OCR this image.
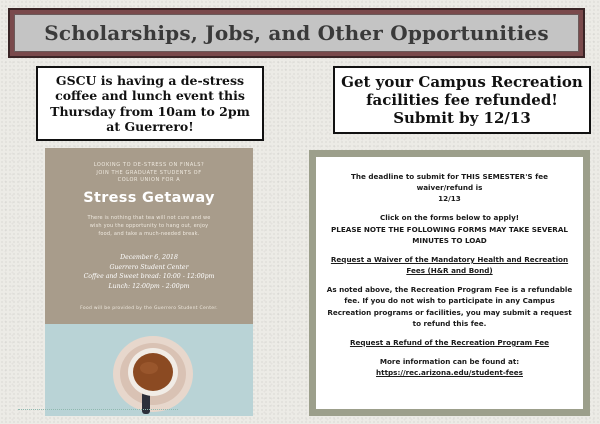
Scholarships, Jobs, and Other Opportunities
GSCU is having a de-stress coffee and lunch event this Thursday from 10am to 2pm at Guerrero!
Get your Campus Recreation facilities fee refunded!
Submit by 12/13
LOOKING TO DE-STRESS ON FINALS?
JOIN THE GRADUATE STUDENTS OF
COLOR UNION FOR A
Stress Getaway
There is nothing that tea will not cure and we
wish you the opportunity to hang out, enjoy
food, and take a much-needed break.
December 6, 2018
Guerrero Student Center
Coffee and Sweet bread: 10:00 - 12:00pm
Lunch: 12:00pm - 2:00pm
Food will be provided by the Guerrero Student Center.

The deadline to submit for THIS SEMESTER'S fee waiver/refund is
12/13

Click on the forms below to apply!
PLEASE NOTE THE FOLLOWING FORMS MAY TAKE SEVERAL MINUTES TO LOAD

Request a Waiver of the Mandatory Health and Recreation Fees (H&R and Bond)

As noted above, the Recreation Program Fee is a refundable fee. If you do not wish to participate in any Campus Recreation programs or facilities, you may submit a request to refund this fee.

Request a Refund of the Recreation Program Fee

More information can be found at: https://rec.arizona.edu/student-fees
